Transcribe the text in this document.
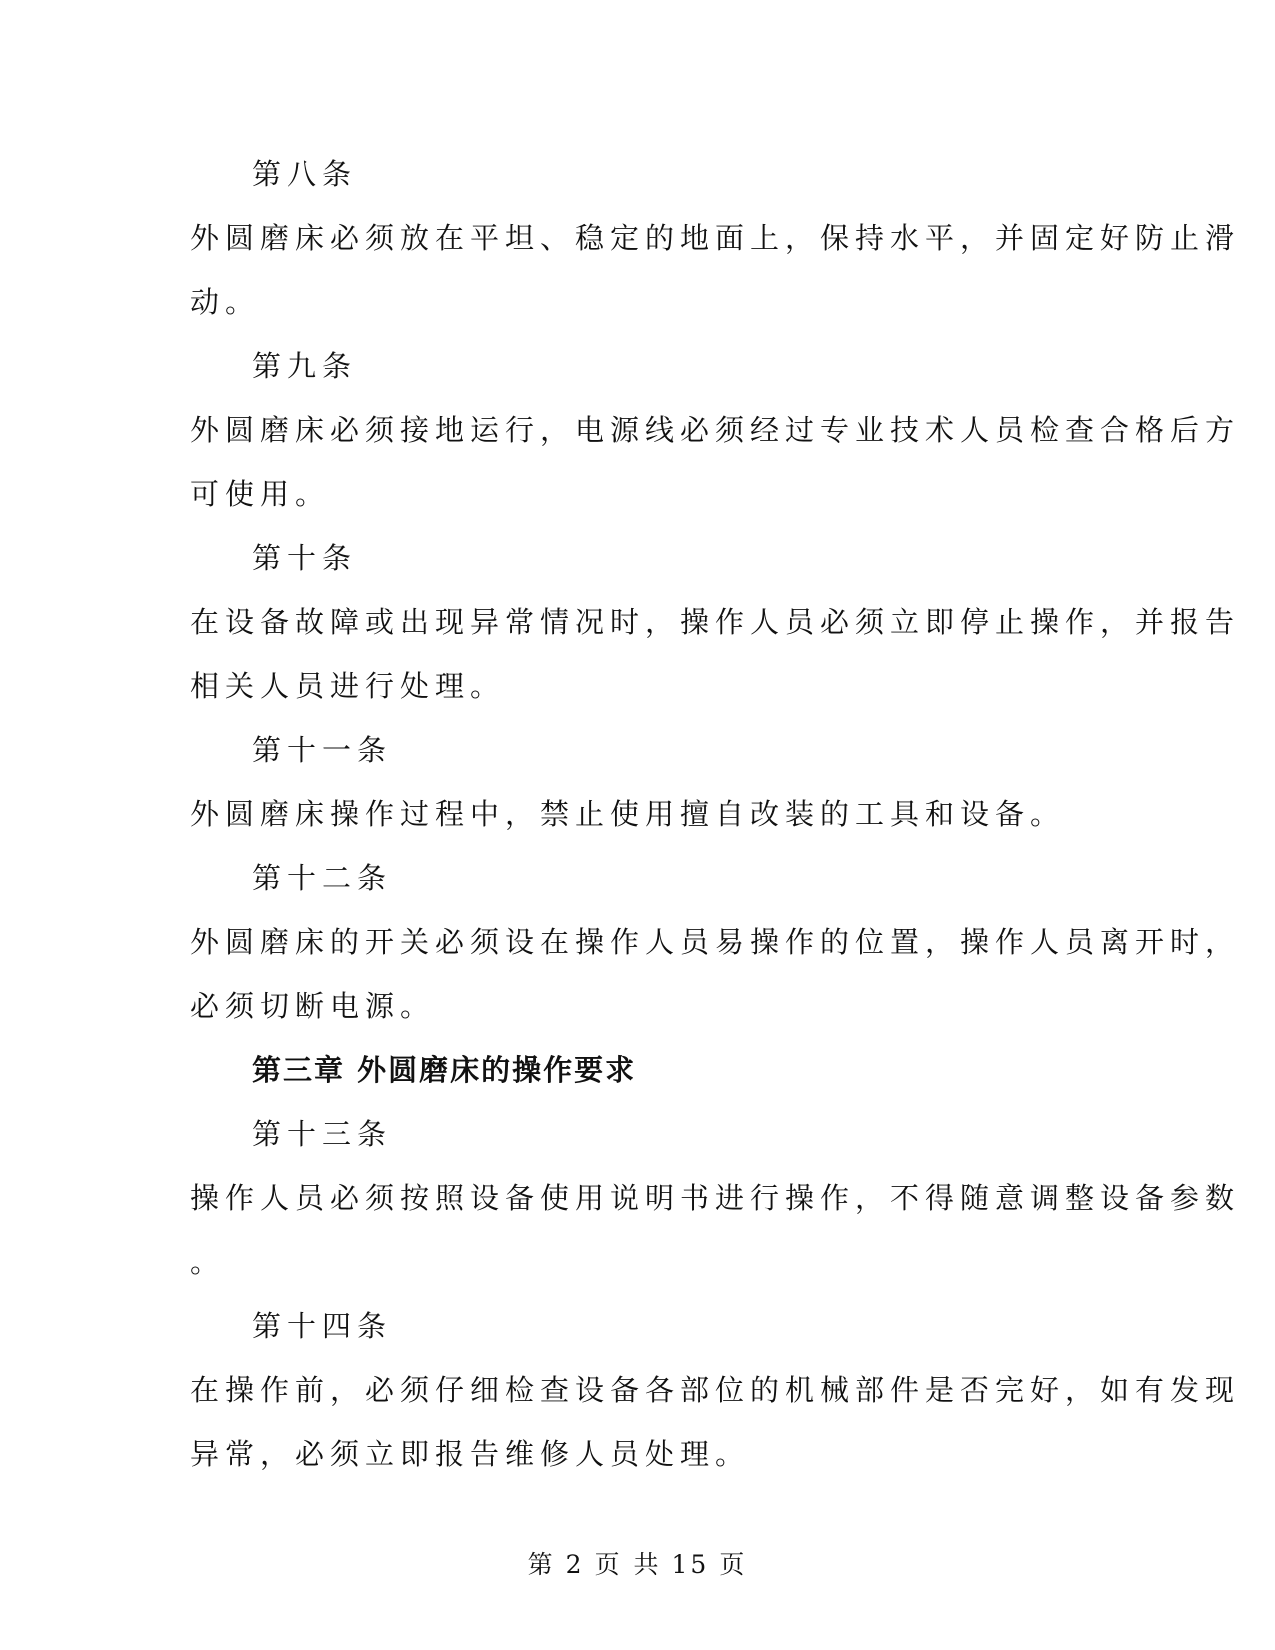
第八条
外圆磨床必须放在平坦、稳定的地面上，保持水平，并固定好防止滑
动。
第九条
外圆磨床必须接地运行，电源线必须经过专业技术人员检查合格后方
可使用。
第十条
在设备故障或出现异常情况时，操作人员必须立即停止操作，并报告
相关人员进行处理。
第十一条
外圆磨床操作过程中，禁止使用擅自改装的工具和设备。
第十二条
外圆磨床的开关必须设在操作人员易操作的位置，操作人员离开时，
必须切断电源。
第三章 外圆磨床的操作要求
第十三条
操作人员必须按照设备使用说明书进行操作，不得随意调整设备参数
。
第十四条
在操作前，必须仔细检查设备各部位的机械部件是否完好，如有发现
异常，必须立即报告维修人员处理。
第 2 页 共 15 页
